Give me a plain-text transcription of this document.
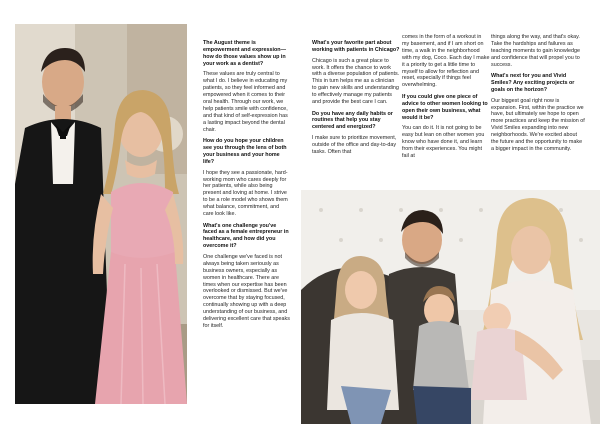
The August theme is empowerment and expression—how do those values show up in your work as a dentist?

These values are truly central to what I do. I believe in educating my patients, so they feel informed and empowered when it comes to their oral health. Through our work, we help patients smile with confidence, and that kind of self-expression has a lasting impact beyond the dental chair.

How do you hope your children see you through the lens of both your business and your home life?

I hope they see a passionate, hard-working mom who cares deeply for her patients, while also being present and loving at home. I strive to be a role model who shows them what balance, commitment, and care look like.

What's one challenge you've faced as a female entrepreneur in healthcare, and how did you overcome it?

One challenge we've faced is not always being taken seriously as business owners, especially as women in healthcare. There are times when our expertise has been overlooked or dismissed. But we've overcome that by staying focused, continually showing up with a deep understanding of our business, and delivering excellent care that speaks for itself.

What's your favorite part about working with patients in Chicago?

Chicago is such a great place to work. It offers the chance to work with a diverse population of patients. This in turn helps me as a clinician to gain new skills and understanding to effectively manage my patients and provide the best care I can.

Do you have any daily habits or routines that help you stay centered and energized?

I make sure to prioritize movement, outside of the office and day-to-day tasks. Often that

comes in the form of a workout in my basement, and if I am short on time, a walk in the neighborhood with my dog, Coco. Each day I make it a priority to get a little time to myself to allow for reflection and reset, especially if things feel overwhelming.

If you could give one piece of advice to other women looking to open their own business, what would it be?

You can do it. It is not going to be easy but lean on other women you know who have done it, and learn from their experiences. You might fail at

things along the way, and that's okay. Take the hardships and failures as teaching moments to gain knowledge and confidence that will propel you to success.

What's next for you and Vivid Smiles? Any exciting projects or goals on the horizon?

Our biggest goal right now is expansion. First, within the practice we have, but ultimately we hope to open more practices and keep the mission of Vivid Smiles expanding into new neighborhoods. We're excited about the future and the opportunity to make a bigger impact in the community.
